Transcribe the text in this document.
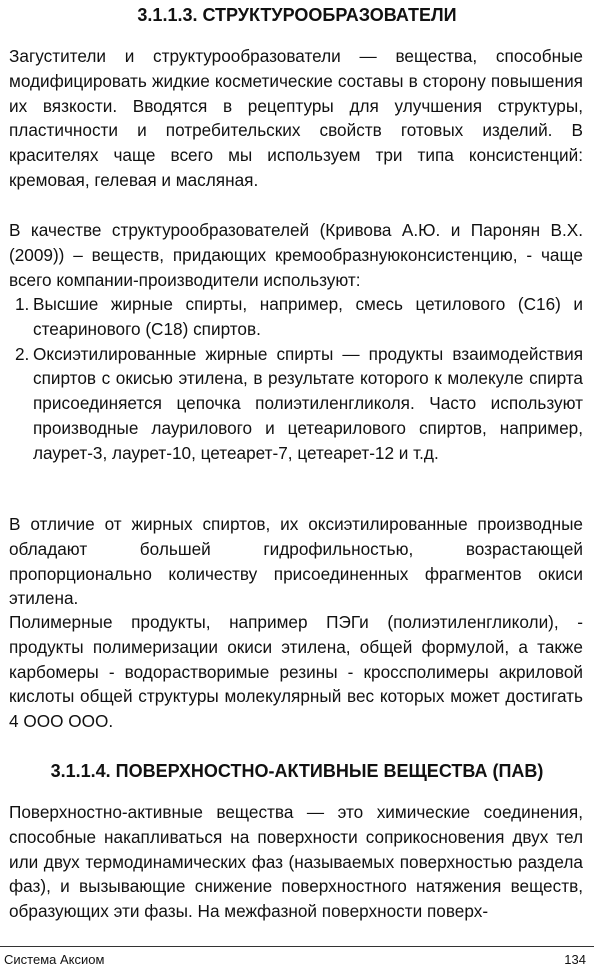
3.1.1.3. СТРУКТУРООБРАЗОВАТЕЛИ

Загустители и структурообразователи — вещества, способные модифицировать жидкие косметические составы в сторону повышения их вязкости. Вводятся в рецептуры для улучшения структуры, пластичности и потребительских свойств готовых изделий. В красителях чаще всего мы используем три типа консистенций: кремовая, гелевая и масляная.

В качестве структурообразователей (Кривова А.Ю. и Паронян В.Х. (2009)) – веществ, придающих кремообразнуюконсистенцию, - чаще всего компании-производители используют:

1. Высшие жирные спирты, например, смесь цетилового (С16) и стеаринового (С18) спиртов.
2. Оксиэтилированные жирные спирты — продукты взаимодействия спиртов с окисью этилена, в результате которого к молекуле спирта присоединяется цепочка полиэтиленгликоля. Часто используют производные лаурилового и цетеарилового спиртов, например, лаурет-3, лаурет-10, цетеарет-7, цетеарет-12 и т.д.

В отличие от жирных спиртов, их оксиэтилированные производные обладают большей гидрофильностью, возрастающей пропорционально количеству присоединенных фрагментов окиси этилена.

Полимерные продукты, например ПЭГи (полиэтиленгликоли), - продукты полимеризации окиси этилена, общей формулой, а также карбомеры - водорастворимые резины - кроссполимеры акриловой кислоты общей структуры молекулярный вес которых может достигать 4 ООО ООО.

3.1.1.4. ПОВЕРХНОСТНО-АКТИВНЫЕ ВЕЩЕСТВА (ПАВ)

Поверхностно-активные вещества — это химические соединения, способные накапливаться на поверхности соприкосновения двух тел или двух термодинамических фаз (называемых поверхностью раздела фаз), и вызывающие снижение поверхностного натяжения веществ, образующих эти фазы. На межфазной поверхности поверх-

Система Аксиом	134
